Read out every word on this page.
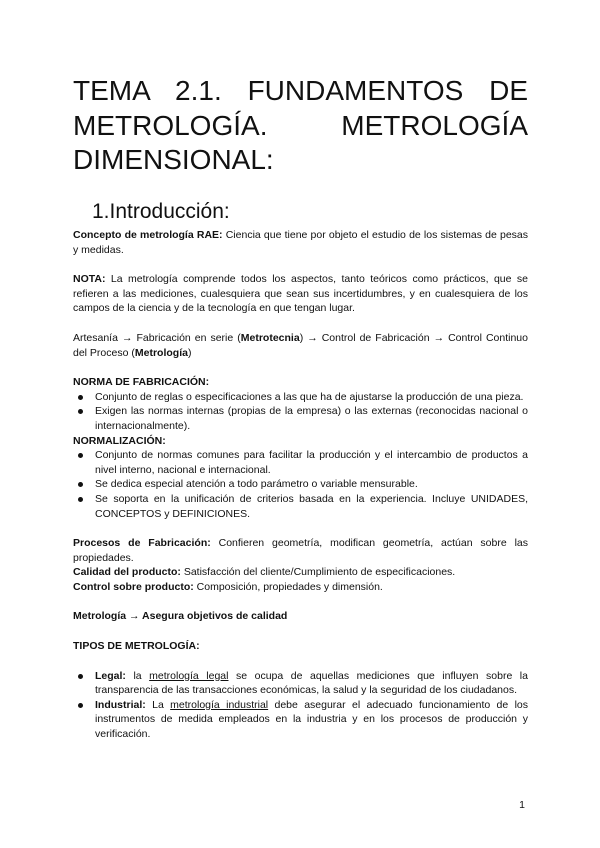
TEMA 2.1. FUNDAMENTOS DE
METROLOGÍA. METROLOGÍA
DIMENSIONAL:
1.Introducción:

Concepto de metrología RAE: Ciencia que tiene por objeto el estudio de los sistemas de pesas y medidas.

NOTA: La metrología comprende todos los aspectos, tanto teóricos como prácticos, que se refieren a las mediciones, cualesquiera que sean sus incertidumbres, y en cualesquiera de los campos de la ciencia y de la tecnología en que tengan lugar.

Artesanía → Fabricación en serie (Metrotecnia) → Control de Fabricación → Control Continuo del Proceso (Metrología)

NORMA DE FABRICACIÓN:

Conjunto de reglas o especificaciones a las que ha de ajustarse la producción de una pieza.
Exigen las normas internas (propias de la empresa) o las externas (reconocidas nacional o internacionalmente).

NORMALIZACIÓN:

Conjunto de normas comunes para facilitar la producción y el intercambio de productos a nivel interno, nacional e internacional.
Se dedica especial atención a todo parámetro o variable mensurable.
Se soporta en la unificación de criterios basada en la experiencia. Incluye UNIDADES, CONCEPTOS y DEFINICIONES.

Procesos de Fabricación: Confieren geometría, modifican geometría, actúan sobre las propiedades.

Calidad del producto: Satisfacción del cliente/Cumplimiento de especificaciones.

Control sobre producto: Composición, propiedades y dimensión.

Metrología → Asegura objetivos de calidad

TIPOS DE METROLOGÍA:

Legal: la metrología legal se ocupa de aquellas mediciones que influyen sobre la transparencia de las transacciones económicas, la salud y la seguridad de los ciudadanos.
Industrial: La metrología industrial debe asegurar el adecuado funcionamiento de los instrumentos de medida empleados en la industria y en los procesos de producción y verificación.
1
